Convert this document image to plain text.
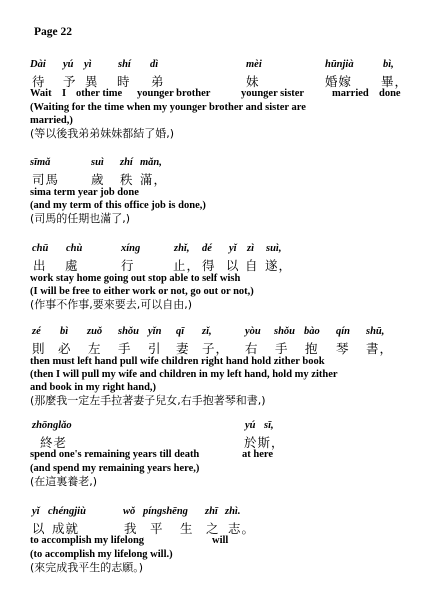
Page 22
Dài yú yì	shí dì	mèi	hūnjià	bì,
待 予 異 時 弟	妹	婚嫁 畢，
Wait I other time younger brother	younger sister	married done
(Waiting for the time when my younger brother and sister are
married,)
(等以後我弟弟妹妹都結了婚,)
sīmǎ	suì zhí mǎn,
司馬	歲 秩 滿，
sima term year job done
(and my term of this office job is done,)
(司馬的任期也滿了,)
chū chù	xíng	zhǐ, dé yǐ zì suì,
出 處	行	止， 得 以 自 遂，
work stay home going out stop able to self wish
(I will be free to either work or not, go out or not,)
(作事不作事,要來要去,可以自由,)
zé bì zuǒ shǒu yǐn qī zǐ,	yòu shǒu bào qín shū,
則 必 左 手 引 妻 子， 右 手 抱 琴 書，
then must left hand pull wife children right hand hold zither book
(then I will pull my wife and children in my left hand, hold my zither
and book in my right hand,)
(那麼我一定左手拉著妻子兒女,右手抱著琴和書,)
zhōnglǎo	yú sī,
終老	於斯，
spend one's remaining years till death	at here
(and spend my remaining years here,)
(在這裏養老,)
yǐ chéngjiù	wǒ píngshēng zhī zhì.
以 成就	我 平 生 之 志。
to accomplish my lifelong	will
(to accomplish my lifelong will.)
(來完成我平生的志願。)
